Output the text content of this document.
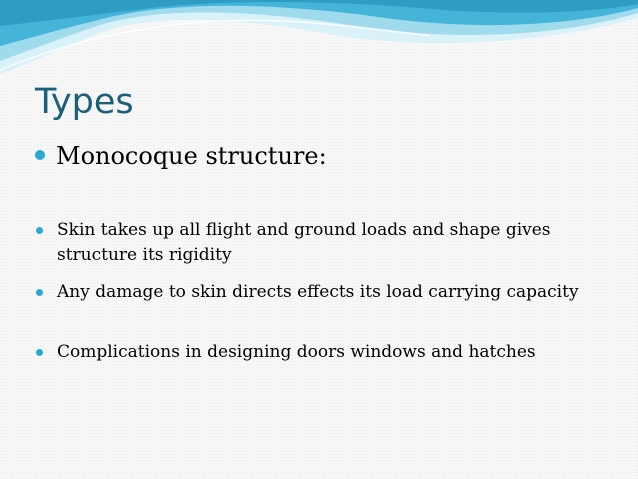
Types
Monocoque structure:
Skin takes up all flight and ground loads and shape gives structure its rigidity
Any damage to skin directs effects its load carrying capacity
Complications in designing doors windows and hatches
